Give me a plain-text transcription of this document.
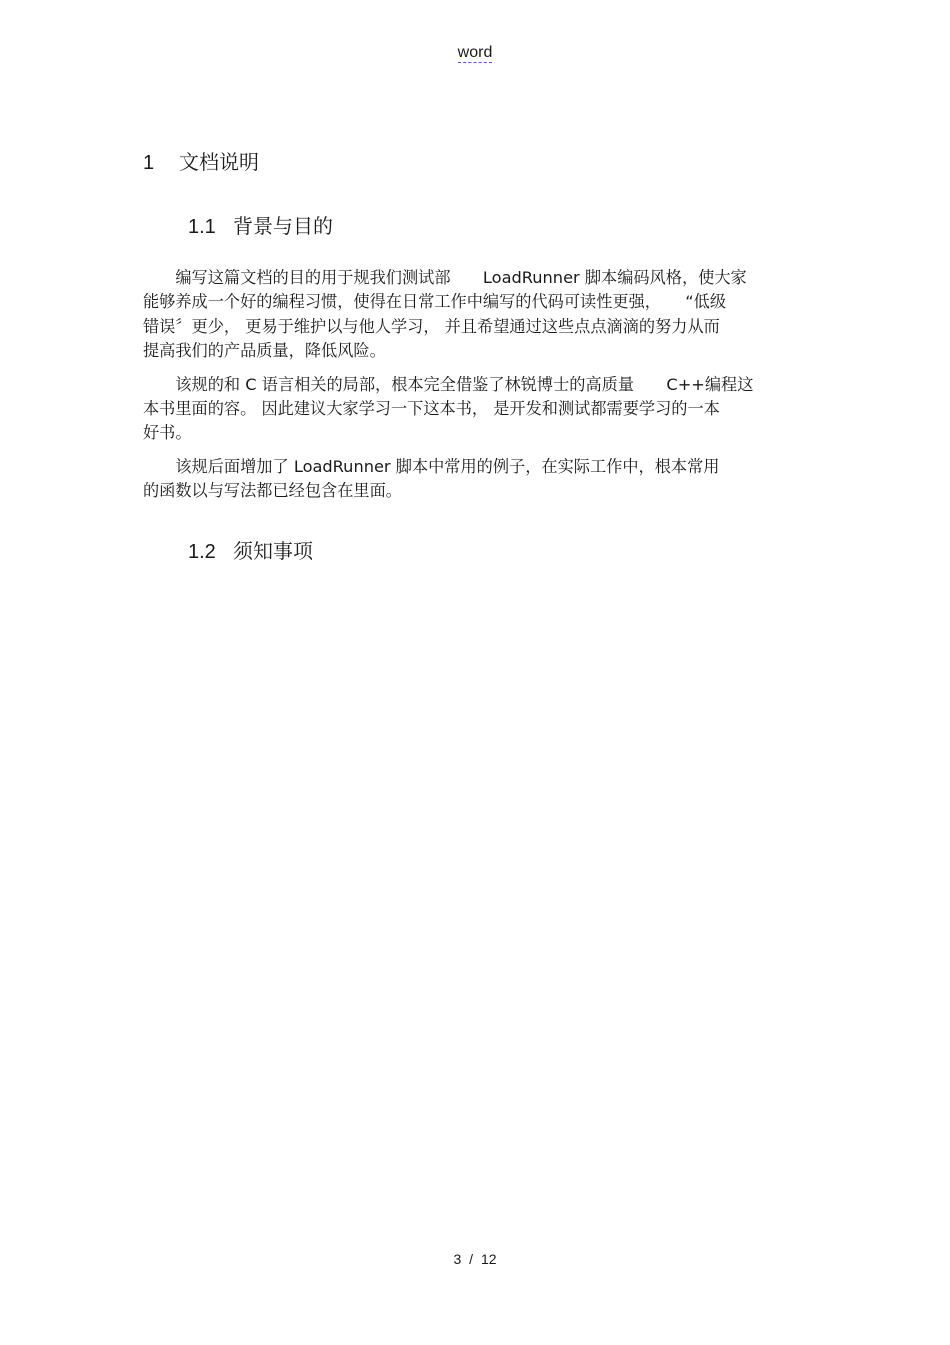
word
1 文档说明
1.1 背景与目的

　　编写这篇文档的目的用于规我们测试部　　LoadRunner 脚本编码风格，使大家
能够养成一个好的编程习惯，使得在日常工作中编写的代码可读性更强，　　“低级
错误〞更少， 更易于维护以与他人学习， 并且希望通过这些点点滴滴的努力从而
提高我们的产品质量，降低风险。

　　该规的和 C 语言相关的局部，根本完全借鉴了林锐博士的高质量　　C++编程这
本书里面的容。 因此建议大家学习一下这本书， 是开发和测试都需要学习的一本
好书。

　　该规后面增加了 LoadRunner 脚本中常用的例子，在实际工作中，根本常用
的函数以与写法都已经包含在里面。

1.2 须知事项
3 / 12
